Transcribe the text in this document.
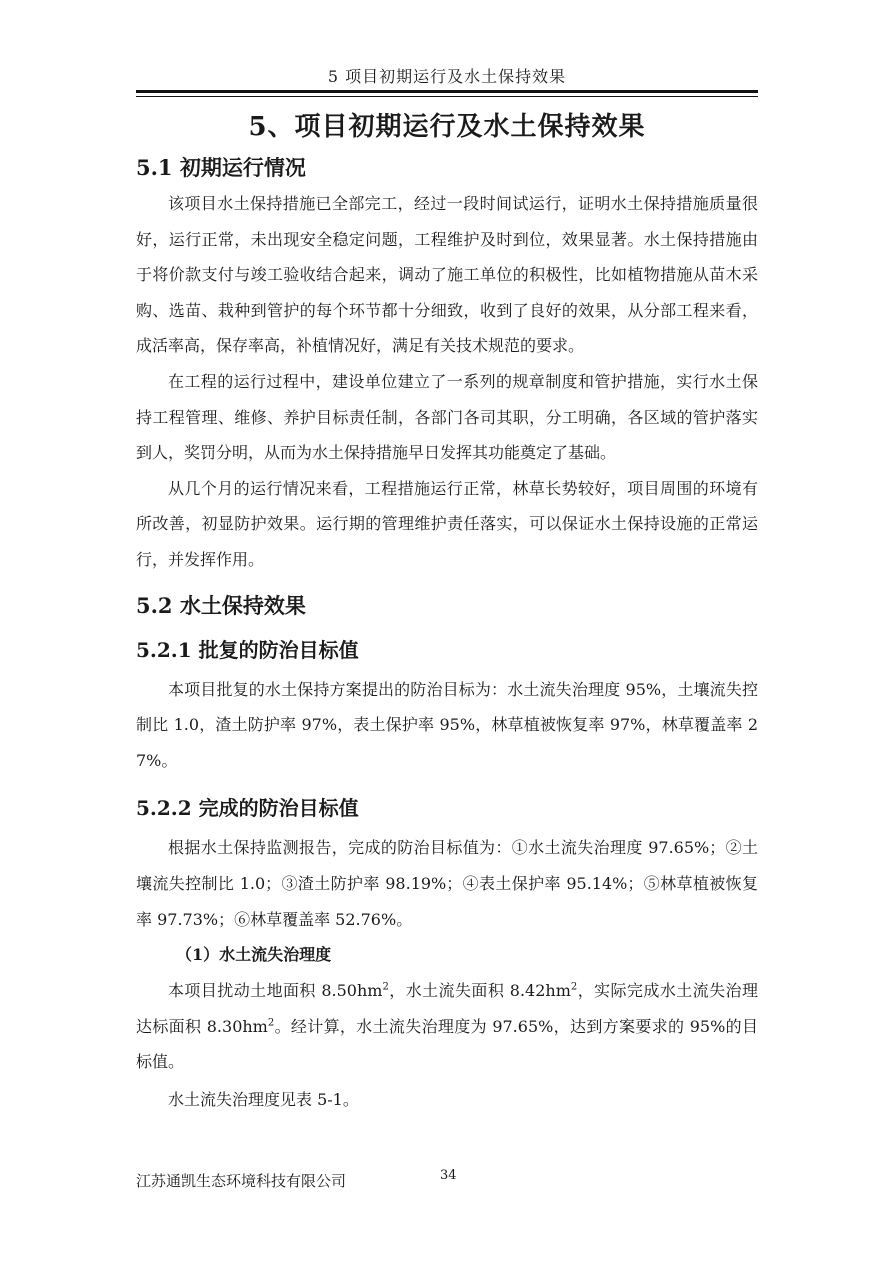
5 项目初期运行及水土保持效果
5、项目初期运行及水土保持效果
5.1 初期运行情况

该项目水土保持措施已全部完工，经过一段时间试运行，证明水土保持措施质量很好，运行正常，未出现安全稳定问题，工程维护及时到位，效果显著。水土保持措施由于将价款支付与竣工验收结合起来，调动了施工单位的积极性，比如植物措施从苗木采购、选苗、栽种到管护的每个环节都十分细致，收到了良好的效果，从分部工程来看，成活率高，保存率高，补植情况好，满足有关技术规范的要求。

在工程的运行过程中，建设单位建立了一系列的规章制度和管护措施，实行水土保持工程管理、维修、养护目标责任制，各部门各司其职，分工明确，各区域的管护落实到人，奖罚分明，从而为水土保持措施早日发挥其功能奠定了基础。

从几个月的运行情况来看，工程措施运行正常，林草长势较好，项目周围的环境有所改善，初显防护效果。运行期的管理维护责任落实，可以保证水土保持设施的正常运行，并发挥作用。

5.2 水土保持效果
5.2.1 批复的防治目标值

本项目批复的水土保持方案提出的防治目标为：水土流失治理度 95%，土壤流失控制比 1.0，渣土防护率 97%，表土保护率 95%，林草植被恢复率 97%，林草覆盖率 27%。

5.2.2 完成的防治目标值

根据水土保持监测报告，完成的防治目标值为：①水土流失治理度 97.65%；②土壤流失控制比 1.0；③渣土防护率 98.19%；④表土保护率 95.14%；⑤林草植被恢复率 97.73%；⑥林草覆盖率 52.76%。

（1）水土流失治理度

本项目扰动土地面积 $8.50hm^2$，水土流失面积 $8.42hm^2$，实际完成水土流失治理达标面积 $8.30hm^2$。经计算，水土流失治理度为 97.65%，达到方案要求的 95%的目标值。

水土流失治理度见表 5-1。

江苏通凯生态环境科技有限公司	34
